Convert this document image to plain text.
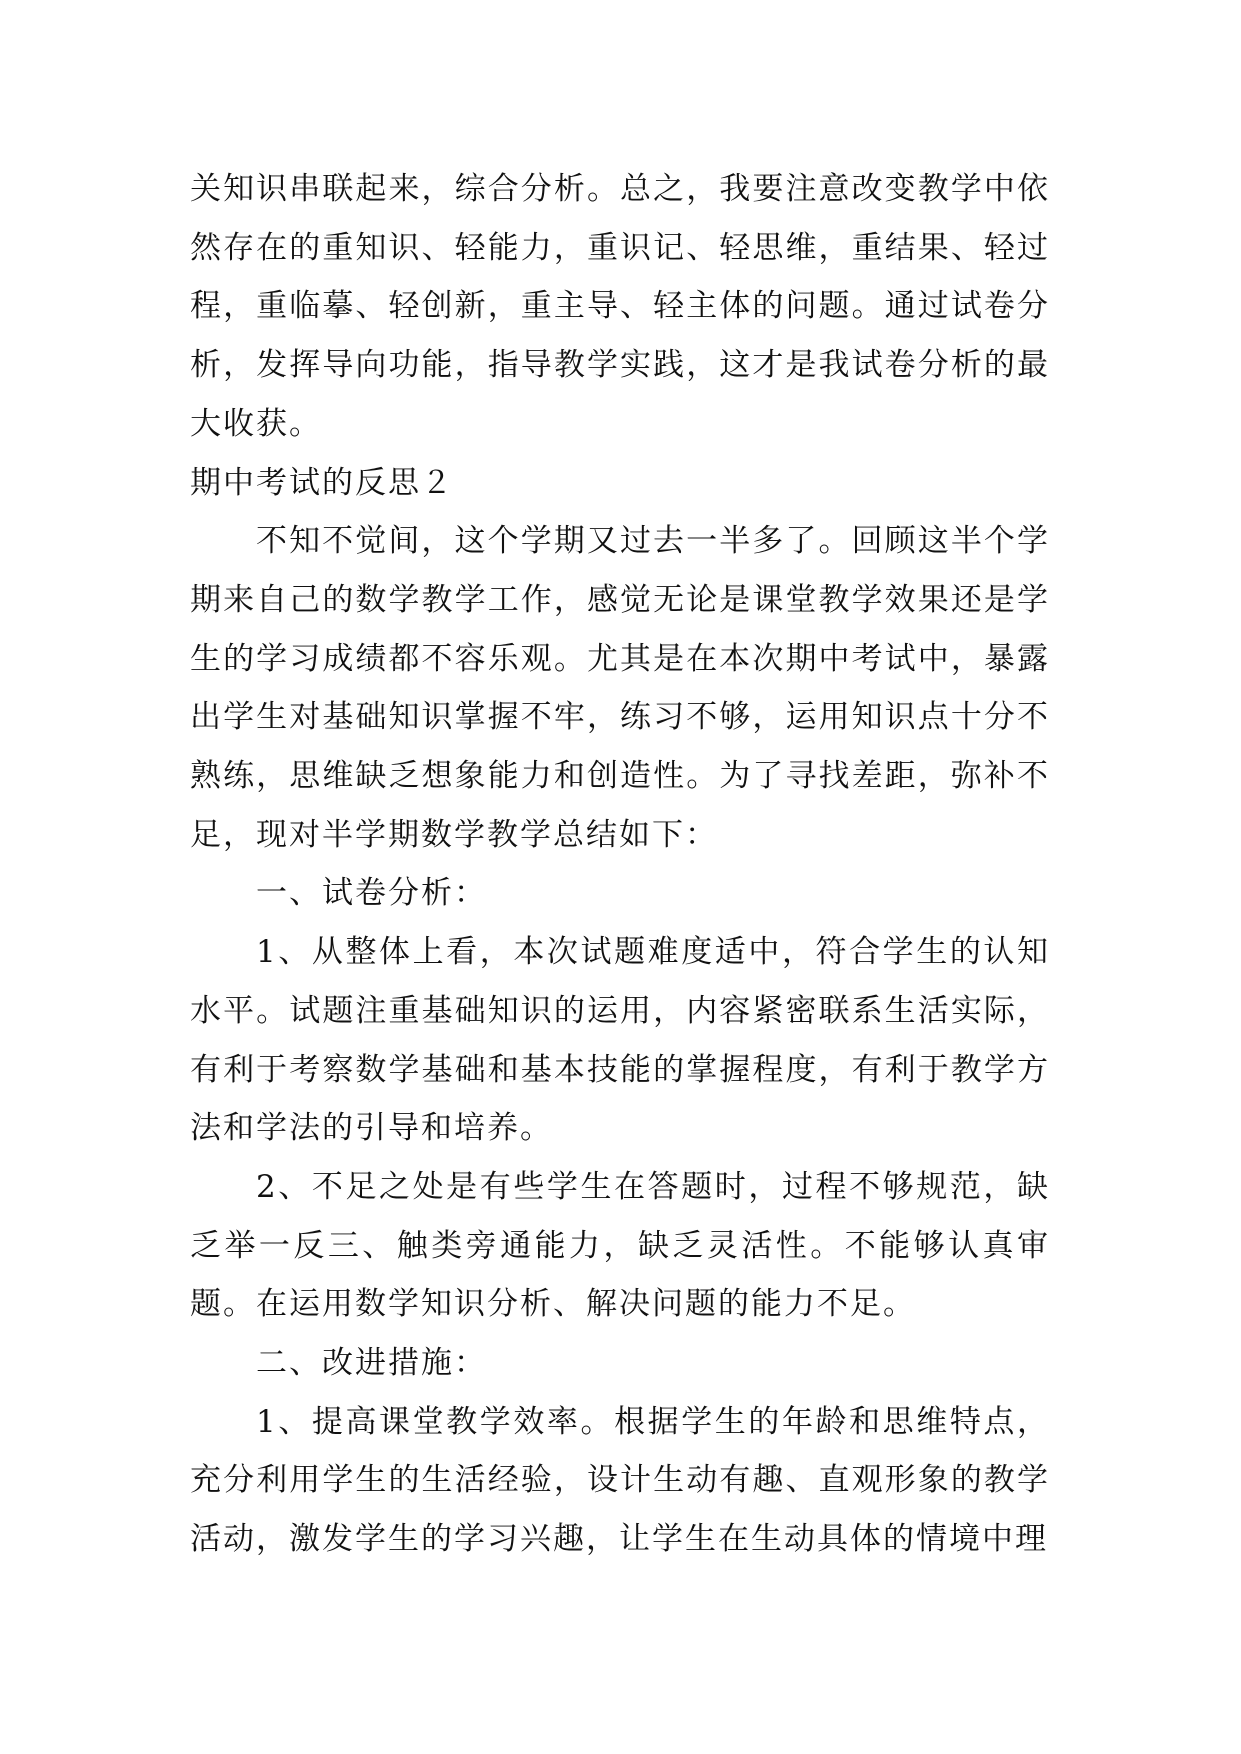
关知识串联起来，综合分析。总之，我要注意改变教学中依然存在的重知识、轻能力，重识记、轻思维，重结果、轻过程，重临摹、轻创新，重主导、轻主体的问题。通过试卷分析，发挥导向功能，指导教学实践，这才是我试卷分析的最大收获。

期中考试的反思２

不知不觉间，这个学期又过去一半多了。回顾这半个学期来自己的数学教学工作，感觉无论是课堂教学效果还是学生的学习成绩都不容乐观。尤其是在本次期中考试中，暴露出学生对基础知识掌握不牢，练习不够，运用知识点十分不熟练，思维缺乏想象能力和创造性。为了寻找差距，弥补不足，现对半学期数学教学总结如下：

一、试卷分析：

1、从整体上看，本次试题难度适中，符合学生的认知水平。试题注重基础知识的运用，内容紧密联系生活实际，有利于考察数学基础和基本技能的掌握程度，有利于教学方法和学法的引导和培养。

2、不足之处是有些学生在答题时，过程不够规范，缺乏举一反三、触类旁通能力，缺乏灵活性。不能够认真审题。在运用数学知识分析、解决问题的能力不足。

二、改进措施：

1、提高课堂教学效率。根据学生的年龄和思维特点，充分利用学生的生活经验，设计生动有趣、直观形象的教学活动，激发学生的学习兴趣，让学生在生动具体的情境中理
